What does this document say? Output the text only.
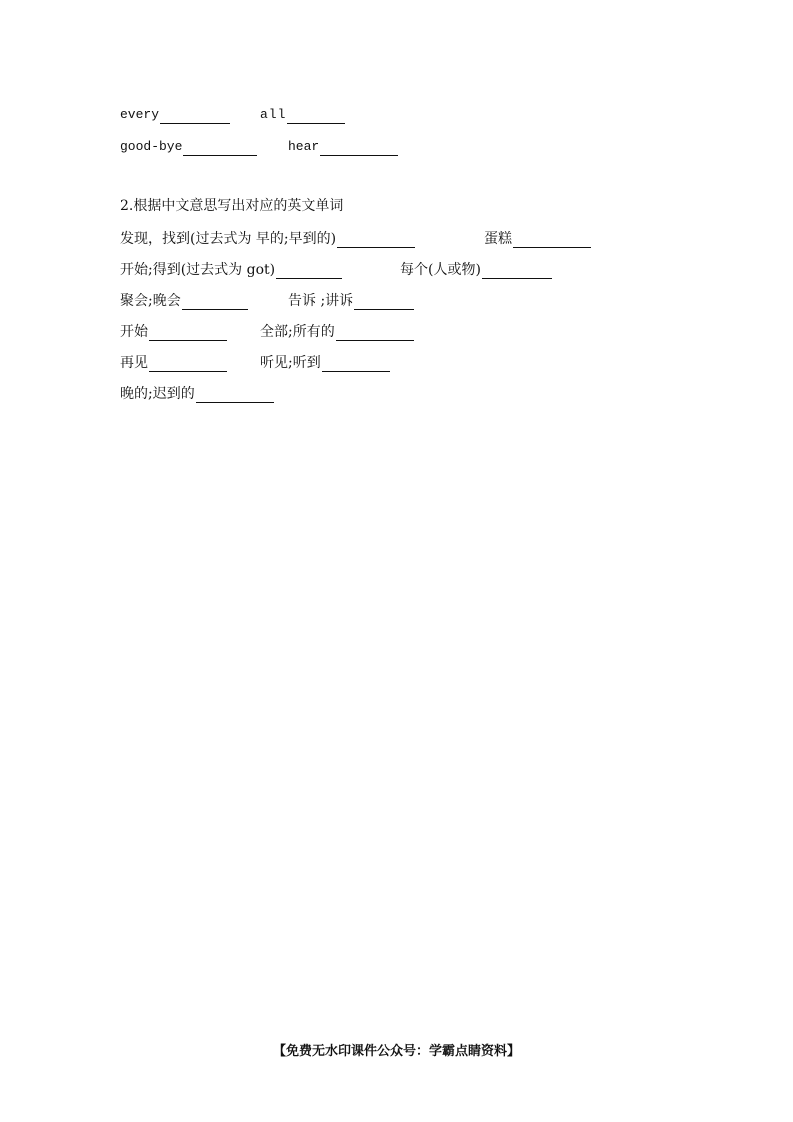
every	all
good-bye	hear
2.根据中文意思写出对应的英文单词
发现，找到(过去式为 早的;早到的)	蛋糕
开始;得到(过去式为 got)	每个(人或物)
聚会;晚会	告诉 ;讲诉
开始	全部;所有的
再见	听见;听到
晚的;迟到的
【免费无水印课件公众号：学霸点睛资料】
